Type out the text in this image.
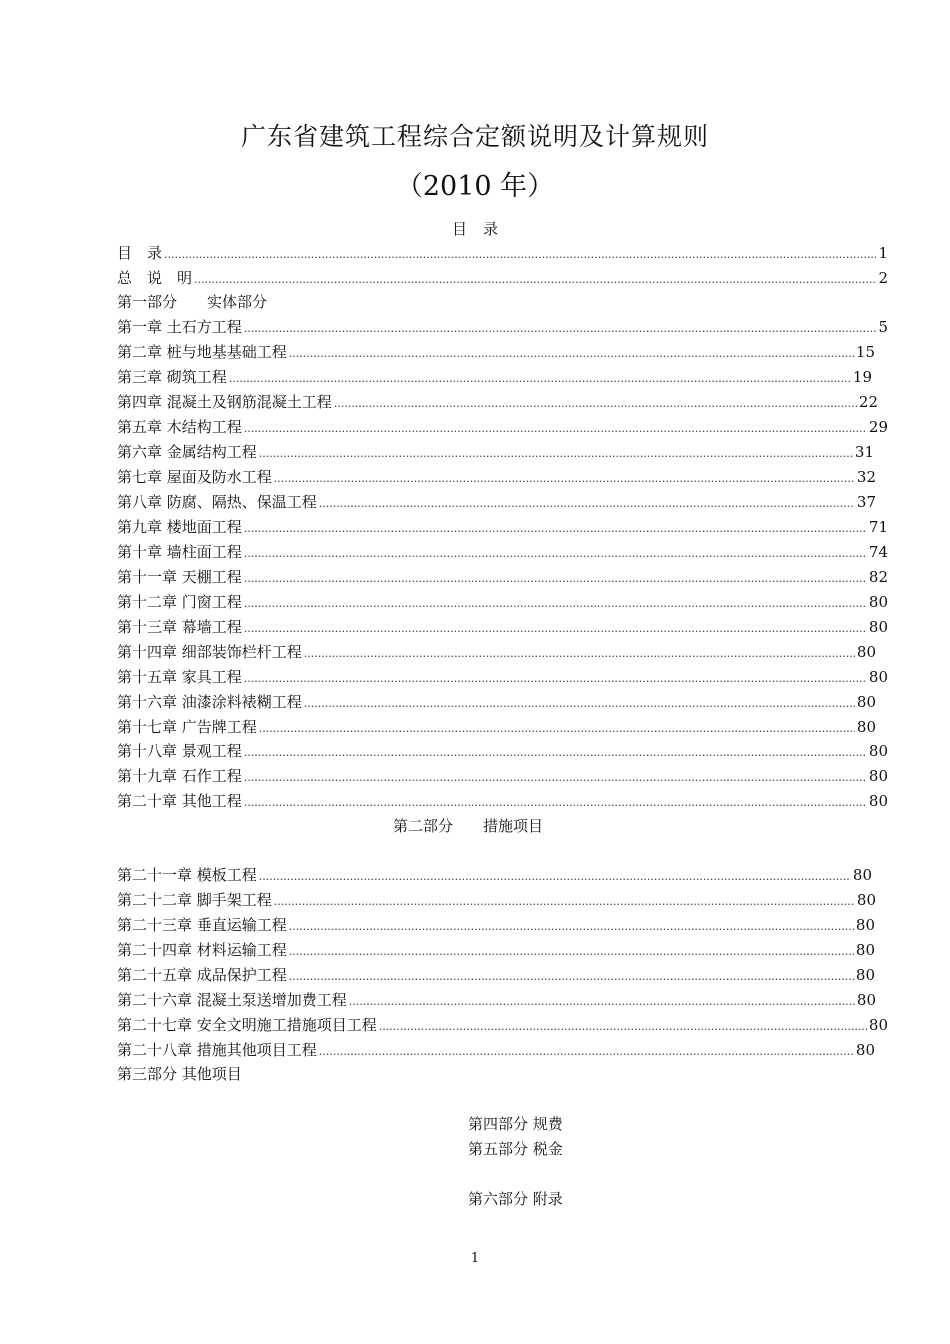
广东省建筑工程综合定额说明及计算规则
（2010 年）
目 录
目　录 .....	1
总　说　明 .....	2
第一部分　　实体部分
第一章 土石方工程 .....	5
第二章 桩与地基基础工程 .....	15
第三章 砌筑工程 .....	19
第四章 混凝土及钢筋混凝土工程 .....	22
第五章 木结构工程 .....	29
第六章 金属结构工程 .....	31
第七章 屋面及防水工程 .....	32
第八章 防腐、隔热、保温工程 .....	37
第九章 楼地面工程 .....	71
第十章 墙柱面工程 .....	74
第十一章 天棚工程 .....	82
第十二章 门窗工程 .....	80
第十三章 幕墙工程 .....	80
第十四章 细部装饰栏杆工程 .....	80
第十五章 家具工程 .....	80
第十六章 油漆涂料裱糊工程 .....	80
第十七章 广告牌工程 .....	80
第十八章 景观工程 .....	80
第十九章 石作工程 .....	80
第二十章 其他工程 .....	80
第二部分　　措施项目
第二十一章 模板工程 .....	80
第二十二章 脚手架工程 .....	80
第二十三章 垂直运输工程 .....	80
第二十四章 材料运输工程 .....	80
第二十五章 成品保护工程 .....	80
第二十六章 混凝土泵送增加费工程 .....	80
第二十七章 安全文明施工措施项目工程 .....	80
第二十八章 措施其他项目工程 .....	80
第三部分 其他项目
第四部分 规费
第五部分 税金
第六部分 附录
1
